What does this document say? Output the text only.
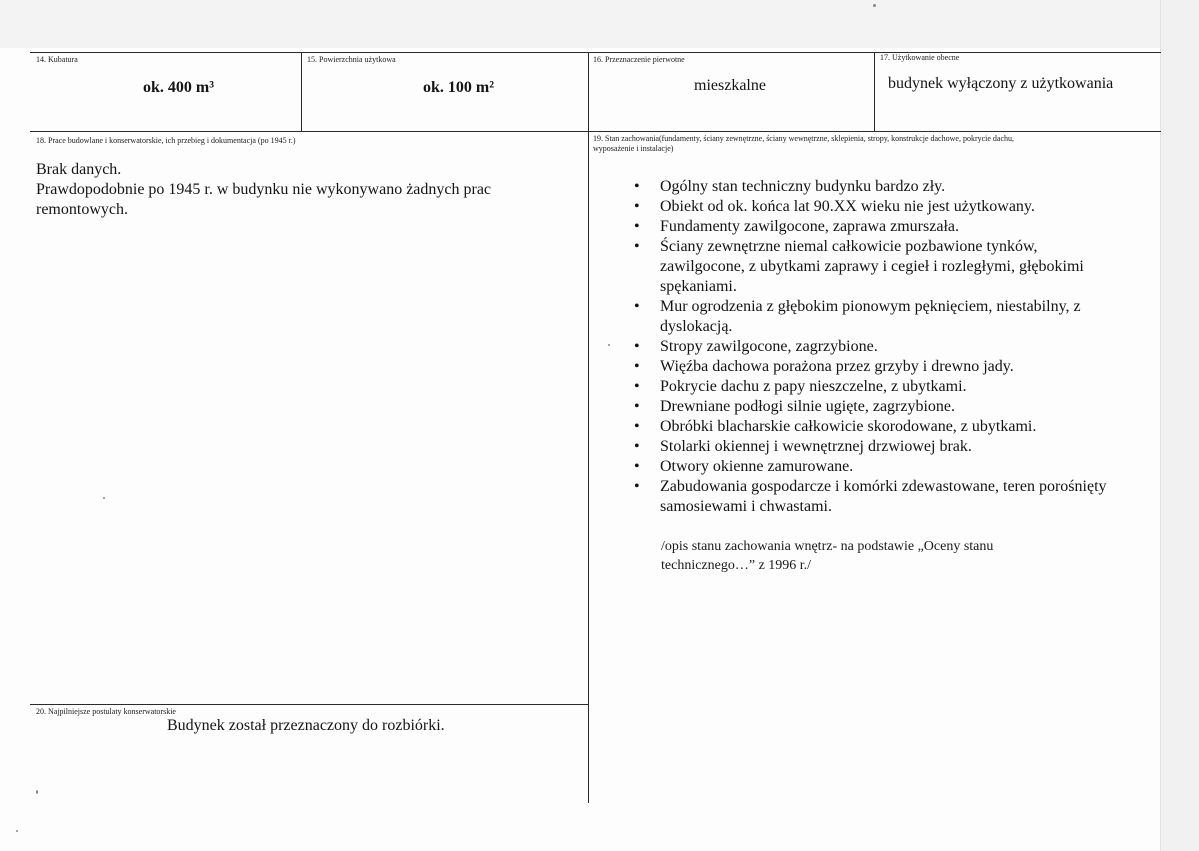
14. Kubatura
ok. 400 m³
15. Powierzchnia użytkowa
ok. 100 m²
16. Przeznaczenie pierwotne
mieszkalne
17. Użytkowanie obecne
budynek wyłączony z użytkowania
18. Prace budowlane i konserwatorskie, ich przebieg i dokumentacja (po 1945 r.)
Brak danych.
Prawdopodobnie po 1945 r. w budynku nie wykonywano żadnych prac
remontowych.
19. Stan zachowania(fundamenty, ściany zewnętrzne, ściany wewnętrzne, sklepienia, stropy, konstrukcje dachowe, pokrycie dachu,
wyposażenie i instalacje)
• Ogólny stan techniczny budynku bardzo zły.
• Obiekt od ok. końca lat 90.XX wieku nie jest użytkowany.
• Fundamenty zawilgocone, zaprawa zmurszała.
• Ściany zewnętrzne niemal całkowicie pozbawione tynków, zawilgocone, z ubytkami zaprawy i cegieł i rozległymi, głębokimi spękaniami.
• Mur ogrodzenia z głębokim pionowym pęknięciem, niestabilny, z dyslokacją.
• Stropy zawilgocone, zagrzybione.
• Więźba dachowa porażona przez grzyby i drewno jady.
• Pokrycie dachu z papy nieszczelne, z ubytkami.
• Drewniane podłogi silnie ugięte, zagrzybione.
• Obróbki blacharskie całkowicie skorodowane, z ubytkami.
• Stolarki okiennej i wewnętrznej drzwiowej brak.
• Otwory okienne zamurowane.
• Zabudowania gospodarcze i komórki zdewastowane, teren porośnięty samosiewami i chwastami.
/opis stanu zachowania wnętrz- na podstawie „Oceny stanu
technicznego…” z 1996 r./
20. Najpilniejsze postulaty konserwatorskie
Budynek został przeznaczony do rozbiórki.
